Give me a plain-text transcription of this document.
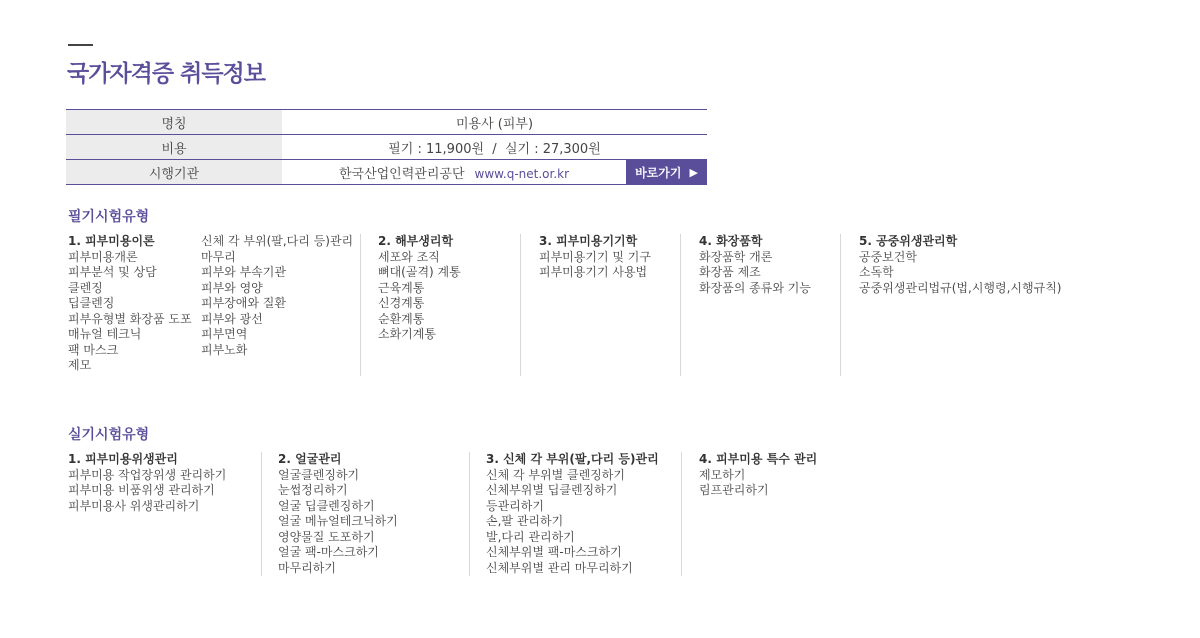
국가자격증 취득정보
명칭	미용사 (피부)
비용	필기 : 11,900원  /  실기 : 27,300원
시행기관	한국산업인력관리공단 www.q-net.or.kr 바로가기 ▶
필기시험유형
1. 피부미용이론
피부미용개론
피부분석 및 상담
클렌징
딥클렌징
피부유형별 화장품 도포
매뉴얼 테크닉
팩 마스크
제모
신체 각 부위(팔,다리 등)관리
마무리
피부와 부속기관
피부와 영양
피부장애와 질환
피부와 광선
피부면역
피부노화
2. 해부생리학
세포와 조직
뼈대(골격) 계통
근육계통
신경계통
순환계통
소화기계통
3. 피부미용기기학
피부미용기기 및 기구
피부미용기기 사용법
4. 화장품학
화장품학 개론
화장품 제조
화장품의 종류와 기능
5. 공중위생관리학
공중보건학
소독학
공중위생관리법규(법,시행령,시행규칙)
실기시험유형
1. 피부미용위생관리
피부미용 작업장위생 관리하기
피부미용 비품위생 관리하기
피부미용사 위생관리하기
2. 얼굴관리
얼굴클렌징하기
눈썹정리하기
얼굴 딥클렌징하기
얼굴 메뉴얼테크닉하기
영양물질 도포하기
얼굴 팩-마스크하기
마무리하기
3. 신체 각 부위(팔,다리 등)관리
신체 각 부위별 클렌징하기
신체부위별 딥클렌징하기
등관리하기
손,팔 관리하기
발,다리 관리하기
신체부위별 팩-마스크하기
신체부위별 관리 마무리하기
4. 피부미용 특수 관리
제모하기
림프관리하기
